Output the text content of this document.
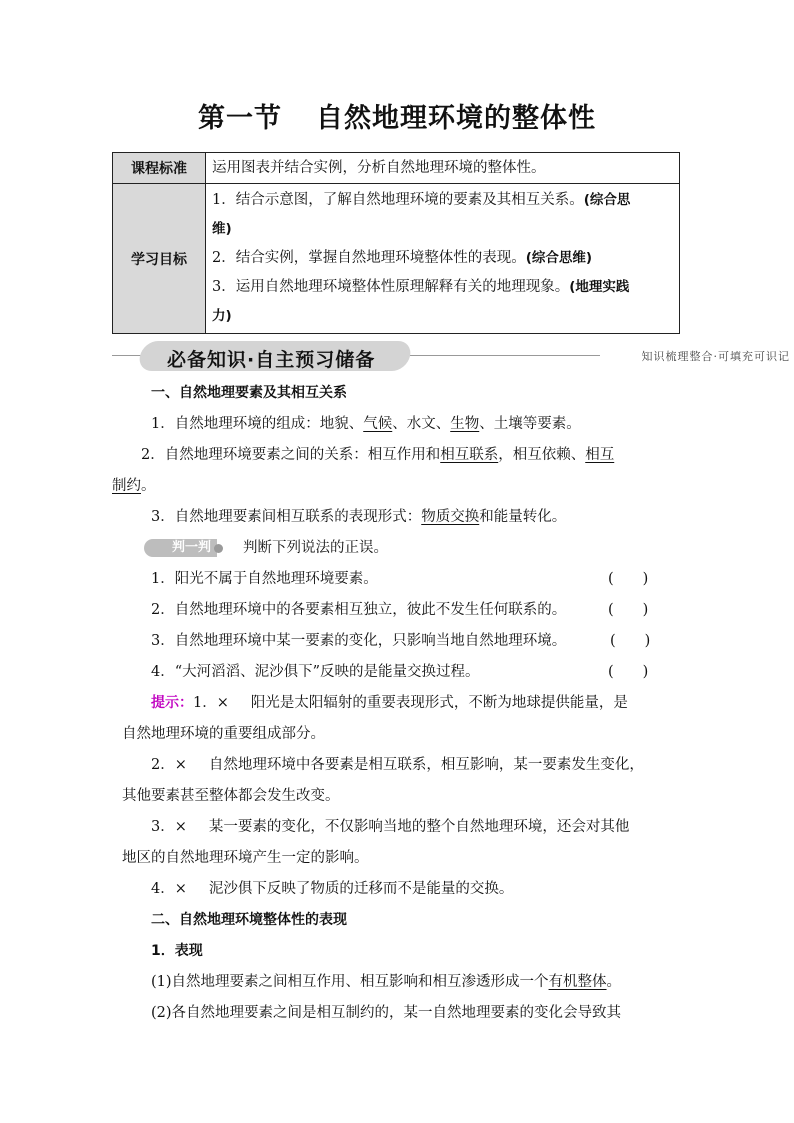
第一节 自然地理环境的整体性
课程标准	运用图表并结合实例，分析自然地理环境的整体性。
学习目标	1．结合示意图，了解自然地理环境的要素及其相互关系。(综合思

维)

2．结合实例，掌握自然地理环境整体性的表现。(综合思维)

3．运用自然地理环境整体性原理解释有关的地理现象。(地理实践

力)

必备知识·自主预习储备	知识梳理整合·可填充可识记

一、自然地理要素及其相互关系

1．自然地理环境的组成：地貌、气候、水文、生物、土壤等要素。

2．自然地理环境要素之间的关系：相互作用和相互联系，相互依赖、相互

制约。

3．自然地理要素间相互联系的表现形式：物质交换和能量转化。

判一判 判断下列说法的正误。

1．阳光不属于自然地理环境要素。	(　　)

2．自然地理环境中的各要素相互独立，彼此不发生任何联系的。	(　　)

3．自然地理环境中某一要素的变化，只影响当地自然地理环境。	(　　)

4．“大河滔滔、泥沙俱下”反映的是能量交换过程。	(　　)

提示：1．× 阳光是太阳辐射的重要表现形式，不断为地球提供能量，是

自然地理环境的重要组成部分。

2．× 自然地理环境中各要素是相互联系，相互影响，某一要素发生变化，

其他要素甚至整体都会发生改变。

3．× 某一要素的变化，不仅影响当地的整个自然地理环境，还会对其他

地区的自然地理环境产生一定的影响。

4．× 泥沙俱下反映了物质的迁移而不是能量的交换。

二、自然地理环境整体性的表现

1．表现

(1)自然地理要素之间相互作用、相互影响和相互渗透形成一个有机整体。

(2)各自然地理要素之间是相互制约的，某一自然地理要素的变化会导致其
